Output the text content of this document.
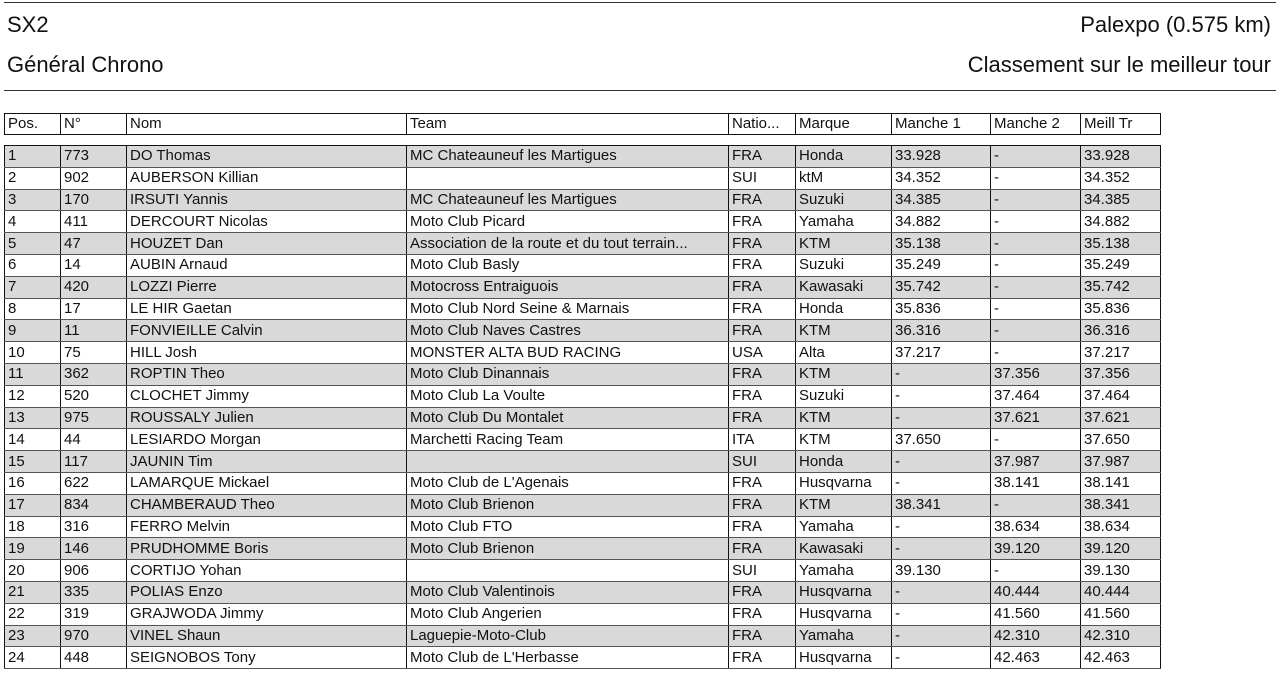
SX2	Palexpo (0.575 km)
Général Chrono	Classement sur le meilleur tour
Pos.	N°	Nom	Team	Natio...	Marque	Manche 1	Manche 2	Meill Tr

1	773	DO Thomas	MC Chateauneuf les Martigues	FRA	Honda	33.928	-	33.928
2	902	AUBERSON Killian		SUI	ktM	34.352	-	34.352
3	170	IRSUTI Yannis	MC Chateauneuf les Martigues	FRA	Suzuki	34.385	-	34.385
4	411	DERCOURT Nicolas	Moto Club Picard	FRA	Yamaha	34.882	-	34.882
5	47	HOUZET Dan	Association de la route et du tout terrain...	FRA	KTM	35.138	-	35.138
6	14	AUBIN Arnaud	Moto Club Basly	FRA	Suzuki	35.249	-	35.249
7	420	LOZZI Pierre	Motocross Entraiguois	FRA	Kawasaki	35.742	-	35.742
8	17	LE HIR Gaetan	Moto Club Nord Seine & Marnais	FRA	Honda	35.836	-	35.836
9	11	FONVIEILLE Calvin	Moto Club Naves Castres	FRA	KTM	36.316	-	36.316
10	75	HILL Josh	MONSTER ALTA BUD RACING	USA	Alta	37.217	-	37.217
11	362	ROPTIN Theo	Moto Club Dinannais	FRA	KTM	-	37.356	37.356
12	520	CLOCHET Jimmy	Moto Club La Voulte	FRA	Suzuki	-	37.464	37.464
13	975	ROUSSALY Julien	Moto Club Du Montalet	FRA	KTM	-	37.621	37.621
14	44	LESIARDO Morgan	Marchetti Racing Team	ITA	KTM	37.650	-	37.650
15	117	JAUNIN Tim		SUI	Honda	-	37.987	37.987
16	622	LAMARQUE Mickael	Moto Club de L'Agenais	FRA	Husqvarna	-	38.141	38.141
17	834	CHAMBERAUD Theo	Moto Club Brienon	FRA	KTM	38.341	-	38.341
18	316	FERRO Melvin	Moto Club FTO	FRA	Yamaha	-	38.634	38.634
19	146	PRUDHOMME Boris	Moto Club Brienon	FRA	Kawasaki	-	39.120	39.120
20	906	CORTIJO Yohan		SUI	Yamaha	39.130	-	39.130
21	335	POLIAS Enzo	Moto Club Valentinois	FRA	Husqvarna	-	40.444	40.444
22	319	GRAJWODA Jimmy	Moto Club Angerien	FRA	Husqvarna	-	41.560	41.560
23	970	VINEL Shaun	Laguepie-Moto-Club	FRA	Yamaha	-	42.310	42.310
24	448	SEIGNOBOS Tony	Moto Club de L'Herbasse	FRA	Husqvarna	-	42.463	42.463
